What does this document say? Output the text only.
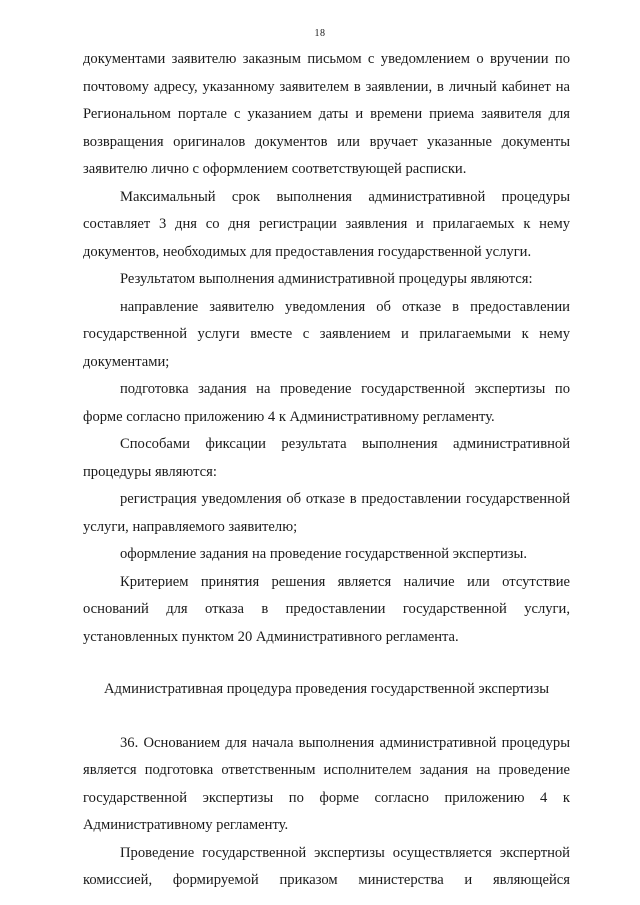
18

документами заявителю заказным письмом с уведомлением о вручении по почтовому адресу, указанному заявителем в заявлении, в личный кабинет на Региональном портале с указанием даты и времени приема заявителя для возвращения оригиналов документов или вручает указанные документы заявителю лично с оформлением соответствующей расписки.

Максимальный срок выполнения административной процедуры составляет 3 дня со дня регистрации заявления и прилагаемых к нему документов, необходимых для предоставления государственной услуги.

Результатом выполнения административной процедуры являются:

направление заявителю уведомления об отказе в предоставлении государственной услуги вместе с заявлением и прилагаемыми к нему документами;

подготовка задания на проведение государственной экспертизы по форме согласно приложению 4 к Административному регламенту.

Способами фиксации результата выполнения административной процедуры являются:

регистрация уведомления об отказе в предоставлении государственной услуги, направляемого заявителю;

оформление задания на проведение государственной экспертизы.

Критерием принятия решения является наличие или отсутствие оснований для отказа в предоставлении государственной услуги, установленных пунктом 20 Административного регламента.

Административная процедура проведения государственной экспертизы

36. Основанием для начала выполнения административной процедуры является подготовка ответственным исполнителем задания на проведение государственной экспертизы по форме согласно приложению 4 к Административному регламенту.

Проведение государственной экспертизы осуществляется экспертной комиссией, формируемой приказом министерства и являющейся
